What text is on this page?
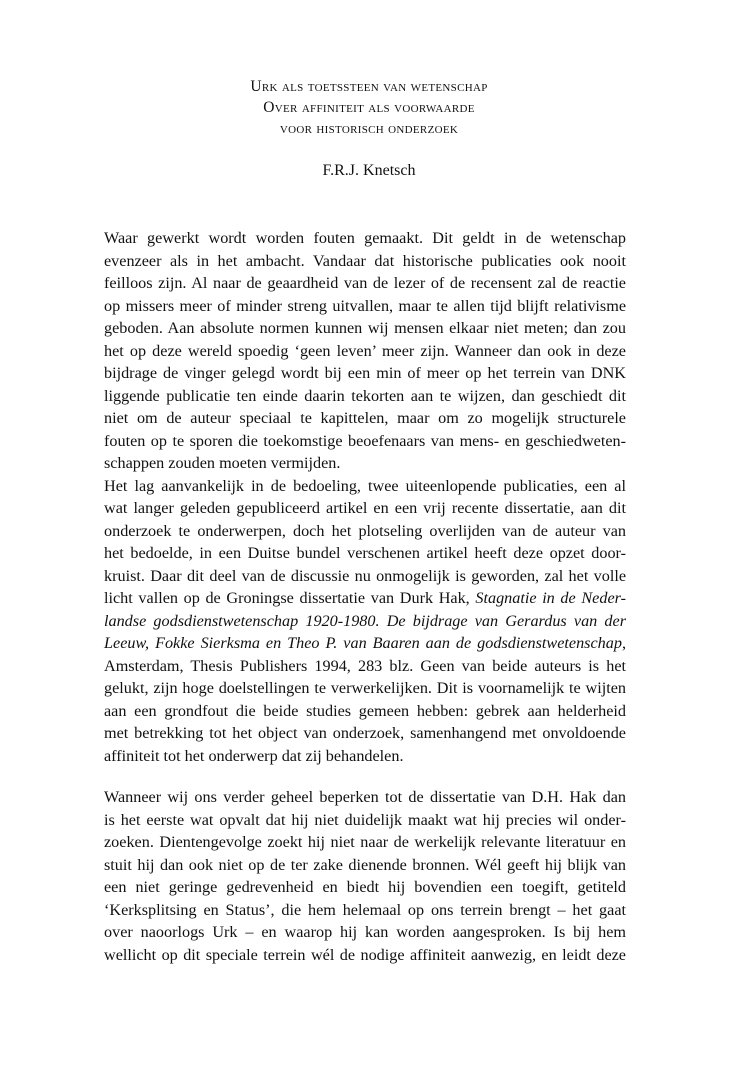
Urk als toetssteen van wetenschap
Over affiniteit als voorwaarde
voor historisch onderzoek
F.R.J. Knetsch
Waar gewerkt wordt worden fouten gemaakt. Dit geldt in de wetenschap
evenzeer als in het ambacht. Vandaar dat historische publicaties ook nooit
feilloos zijn. Al naar de geaardheid van de lezer of de recensent zal de reactie
op missers meer of minder streng uitvallen, maar te allen tijd blijft relativisme
geboden. Aan absolute normen kunnen wij mensen elkaar niet meten; dan zou
het op deze wereld spoedig ‘geen leven’ meer zijn. Wanneer dan ook in deze
bijdrage de vinger gelegd wordt bij een min of meer op het terrein van DNK
liggende publicatie ten einde daarin tekorten aan te wijzen, dan geschiedt dit
niet om de auteur speciaal te kapittelen, maar om zo mogelijk structurele
fouten op te sporen die toekomstige beoefenaars van mens- en geschiedweten-
schappen zouden moeten vermijden.
Het lag aanvankelijk in de bedoeling, twee uiteenlopende publicaties, een al
wat langer geleden gepubliceerd artikel en een vrij recente dissertatie, aan dit
onderzoek te onderwerpen, doch het plotseling overlijden van de auteur van
het bedoelde, in een Duitse bundel verschenen artikel heeft deze opzet door-
kruist. Daar dit deel van de discussie nu onmogelijk is geworden, zal het volle
licht vallen op de Groningse dissertatie van Durk Hak, Stagnatie in de Neder-
landse godsdienstwetenschap 1920-1980. De bijdrage van Gerardus van der
Leeuw, Fokke Sierksma en Theo P. van Baaren aan de godsdienstwetenschap,
Amsterdam, Thesis Publishers 1994, 283 blz. Geen van beide auteurs is het
gelukt, zijn hoge doelstellingen te verwerkelijken. Dit is voornamelijk te wijten
aan een grondfout die beide studies gemeen hebben: gebrek aan helderheid
met betrekking tot het object van onderzoek, samenhangend met onvoldoende
affiniteit tot het onderwerp dat zij behandelen.
Wanneer wij ons verder geheel beperken tot de dissertatie van D.H. Hak dan
is het eerste wat opvalt dat hij niet duidelijk maakt wat hij precies wil onder-
zoeken. Dientengevolge zoekt hij niet naar de werkelijk relevante literatuur en
stuit hij dan ook niet op de ter zake dienende bronnen. Wél geeft hij blijk van
een niet geringe gedrevenheid en biedt hij bovendien een toegift, getiteld
‘Kerksplitsing en Status’, die hem helemaal op ons terrein brengt – het gaat
over naoorlogs Urk – en waarop hij kan worden aangesproken. Is bij hem
wellicht op dit speciale terrein wél de nodige affiniteit aanwezig, en leidt deze
